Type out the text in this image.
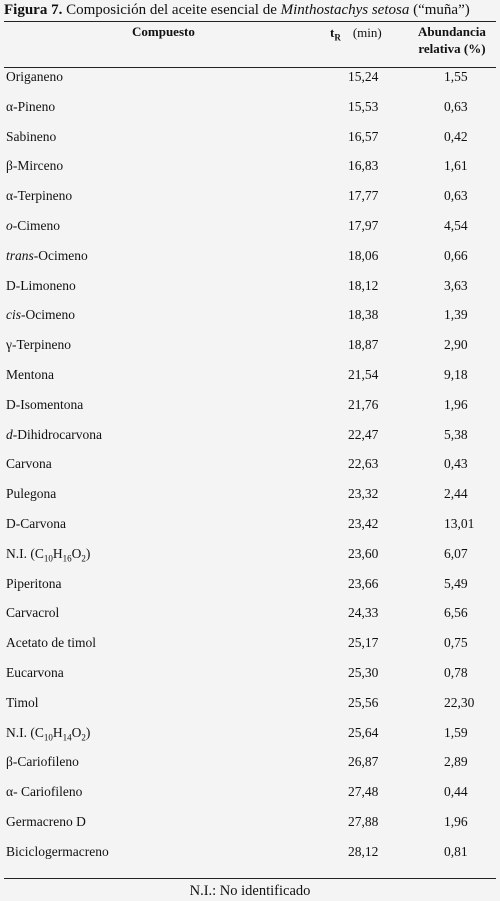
Figura 7. Composición del aceite esencial de Minthostachys setosa (“muña”)
Compuesto	$t_R$ (min)	Abundancia
relativa (%)
Origaneno	15,24	1,55
α-Pineno	15,53	0,63
Sabineno	16,57	0,42
β-Mirceno	16,83	1,61
α-Terpineno	17,77	0,63
o-Cimeno	17,97	4,54
trans-Ocimeno	18,06	0,66
D-Limoneno	18,12	3,63
cis-Ocimeno	18,38	1,39
γ-Terpineno	18,87	2,90
Mentona	21,54	9,18
D-Isomentona	21,76	1,96
d-Dihidrocarvona	22,47	5,38
Carvona	22,63	0,43
Pulegona	23,32	2,44
D-Carvona	23,42	13,01
N.I. $(C_{10}H_{16}O_2)$	23,60	6,07
Piperitona	23,66	5,49
Carvacrol	24,33	6,56
Acetato de timol	25,17	0,75
Eucarvona	25,30	0,78
Timol	25,56	22,30
N.I. $(C_{10}H_{14}O_2)$	25,64	1,59
β-Cariofileno	26,87	2,89
α- Cariofileno	27,48	0,44
Germacreno D	27,88	1,96
Biciclogermacreno	28,12	0,81
N.I.: No identificado
